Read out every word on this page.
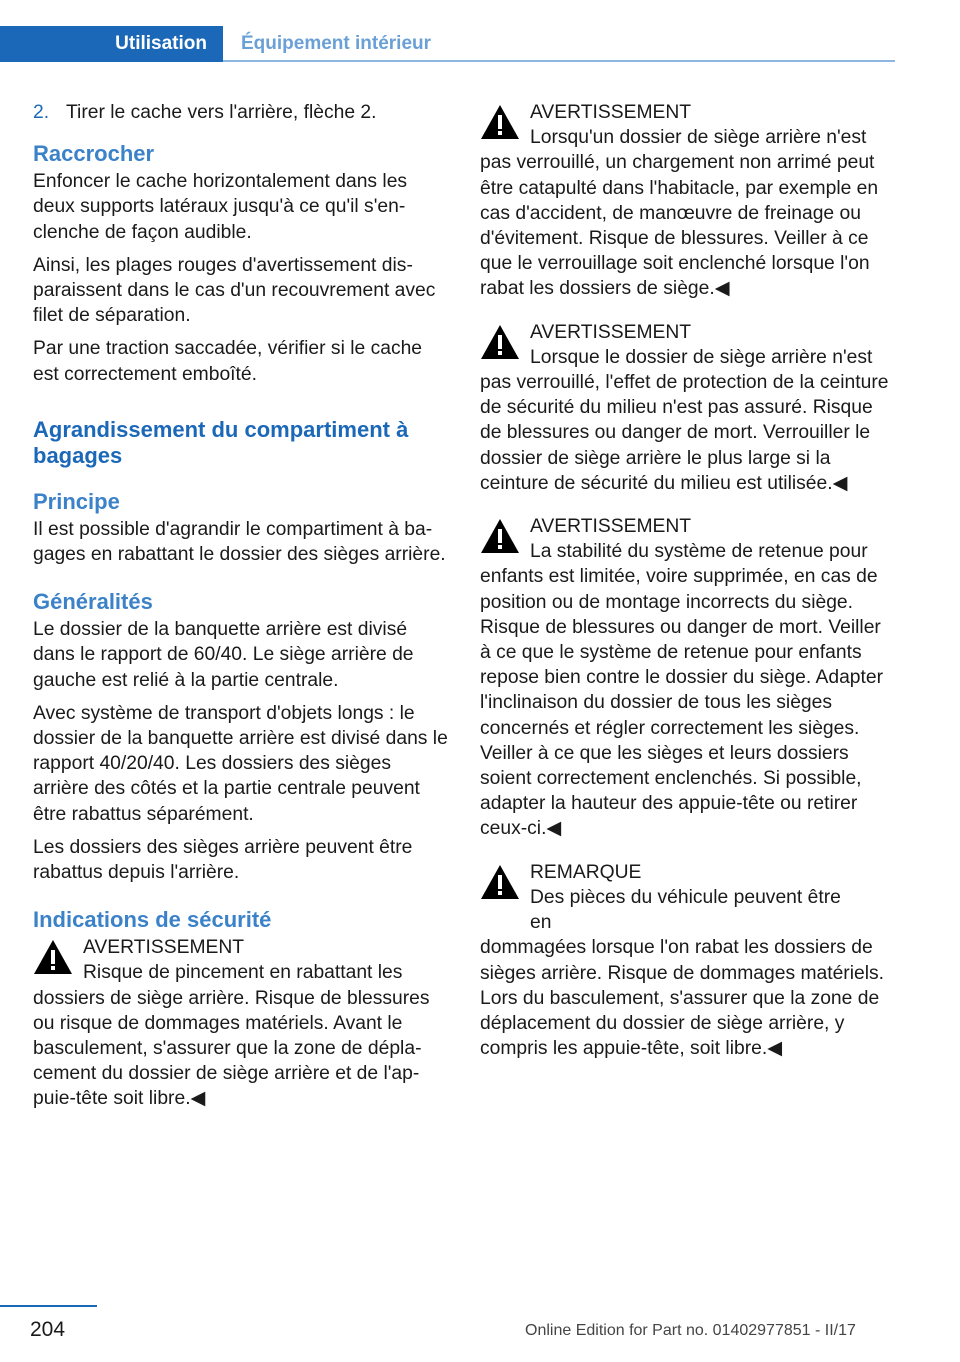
Utilisation	Équipement intérieur
2. Tirer le cache vers l'arrière, flèche 2.
Raccrocher

Enfoncer le cache horizontalement dans les deux supports latéraux jusqu'à ce qu'il s'enclenche de façon audible.

Ainsi, les plages rouges d'avertissement disparaissent dans le cas d'un recouvrement avec filet de séparation.

Par une traction saccadée, vérifier si le cache est correctement emboîté.

Agrandissement du compartiment à bagages
Principe

Il est possible d'agrandir le compartiment à bagages en rabattant le dossier des sièges arrière.

Généralités

Le dossier de la banquette arrière est divisé dans le rapport de 60/40. Le siège arrière de gauche est relié à la partie centrale.

Avec système de transport d'objets longs : le dossier de la banquette arrière est divisé dans le rapport 40/20/40. Les dossiers des sièges arrière des côtés et la partie centrale peuvent être rabattus séparément.

Les dossiers des sièges arrière peuvent être rabattus depuis l'arrière.

Indications de sécurité
AVERTISSEMENT
Risque de pincement en rabattant les

dossiers de siège arrière. Risque de blessures ou risque de dommages matériels. Avant le basculement, s'assurer que la zone de déplacement du dossier de siège arrière et de l'appuie-tête soit libre.◀

AVERTISSEMENT
Lorsqu'un dossier de siège arrière n'est

pas verrouillé, un chargement non arrimé peut être catapulté dans l'habitacle, par exemple en cas d'accident, de manœuvre de freinage ou d'évitement. Risque de blessures. Veiller à ce que le verrouillage soit enclenché lorsque l'on rabat les dossiers de siège.◀

AVERTISSEMENT
Lorsque le dossier de siège arrière n'est

pas verrouillé, l'effet de protection de la ceinture de sécurité du milieu n'est pas assuré. Risque de blessures ou danger de mort. Verrouiller le dossier de siège arrière le plus large si la ceinture de sécurité du milieu est utilisée.◀

AVERTISSEMENT
La stabilité du système de retenue pour

enfants est limitée, voire supprimée, en cas de position ou de montage incorrects du siège. Risque de blessures ou danger de mort. Veiller à ce que le système de retenue pour enfants repose bien contre le dossier du siège. Adapter l'inclinaison du dossier de tous les sièges concernés et régler correctement les sièges. Veiller à ce que les sièges et leurs dossiers soient correctement enclenchés. Si possible, adapter la hauteur des appuie-tête ou retirer ceux-ci.◀

REMARQUE
Des pièces du véhicule peuvent être en

dommagées lorsque l'on rabat les dossiers de sièges arrière. Risque de dommages matériels. Lors du basculement, s'assurer que la zone de déplacement du dossier de siège arrière, y compris les appuie-tête, soit libre.◀

204	Online Edition for Part no. 01402977851 - II/17
